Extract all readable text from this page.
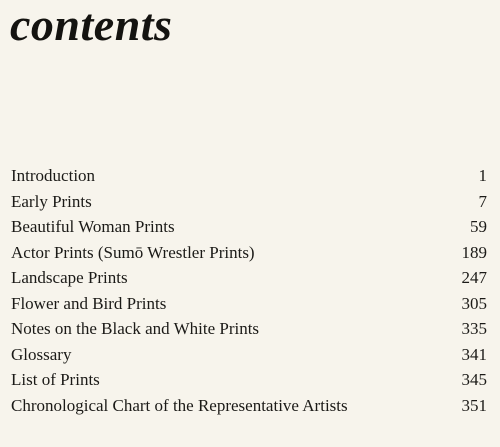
contents
Introduction	1
Early Prints	7
Beautiful Woman Prints	59
Actor Prints (Sumō Wrestler Prints)	189
Landscape Prints	247
Flower and Bird Prints	305
Notes on the Black and White Prints	335
Glossary	341
List of Prints	345
Chronological Chart of the Representative Artists	351
